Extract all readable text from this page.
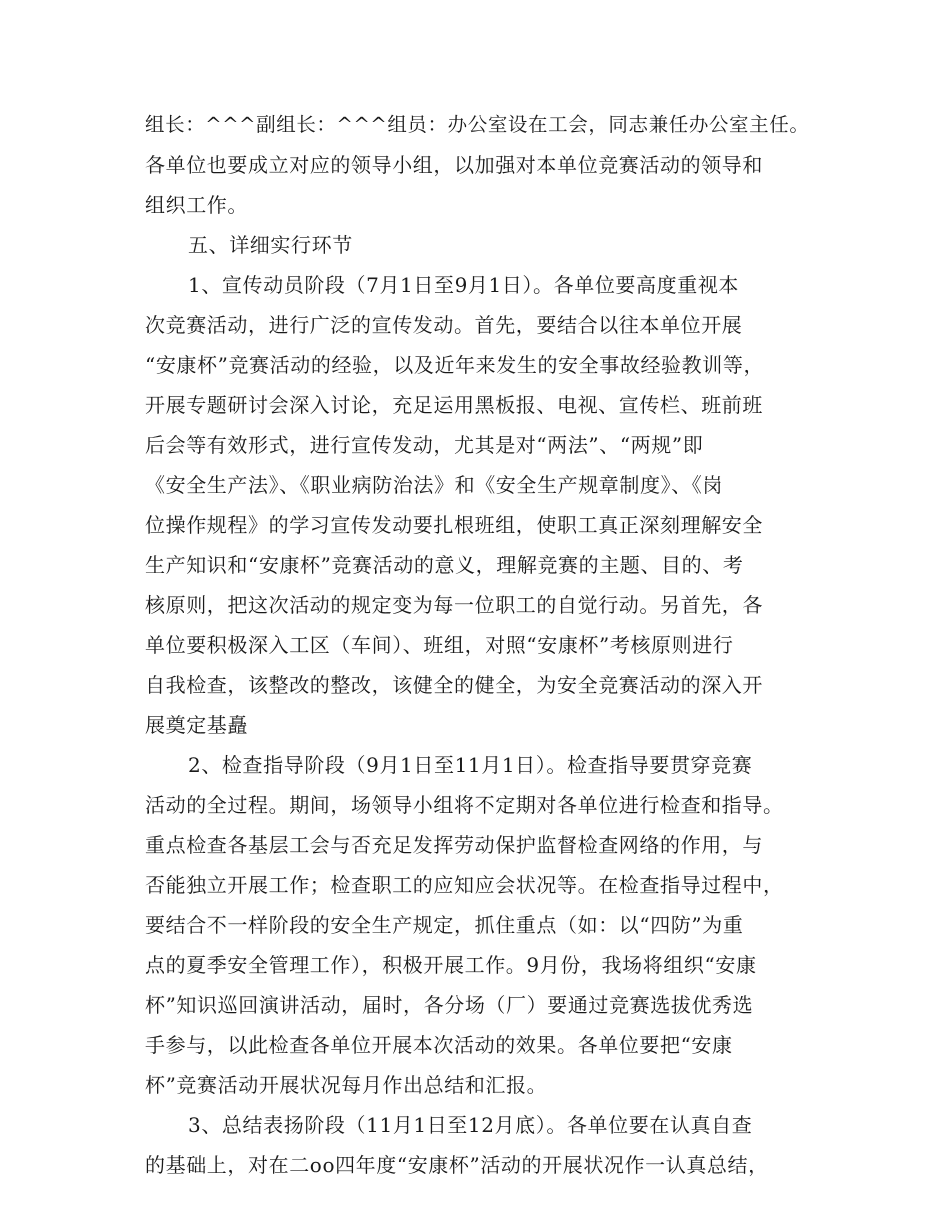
组长：^^^副组长：^^^组员：办公室设在工会，同志兼任办公室主任。
各单位也要成立对应的领导小组，以加强对本单位竞赛活动的领导和
组织工作。
五、详细实行环节
1、宣传动员阶段（7月1日至9月1日）。各单位要高度重视本
次竞赛活动，进行广泛的宣传发动。首先，要结合以往本单位开展
“安康杯”竞赛活动的经验，以及近年来发生的安全事故经验教训等，
开展专题研讨会深入讨论，充足运用黑板报、电视、宣传栏、班前班
后会等有效形式，进行宣传发动，尤其是对“两法”、“两规”即
《安全生产法》、《职业病防治法》和《安全生产规章制度》、《岗
位操作规程》的学习宣传发动要扎根班组，使职工真正深刻理解安全
生产知识和“安康杯”竞赛活动的意义，理解竞赛的主题、目的、考
核原则，把这次活动的规定变为每一位职工的自觉行动。另首先，各
单位要积极深入工区（车间）、班组，对照“安康杯”考核原则进行
自我检查，该整改的整改，该健全的健全，为安全竞赛活动的深入开
展奠定基矗
2、检查指导阶段（9月1日至11月1日）。检查指导要贯穿竞赛
活动的全过程。期间，场领导小组将不定期对各单位进行检查和指导。
重点检查各基层工会与否充足发挥劳动保护监督检查网络的作用，与
否能独立开展工作；检查职工的应知应会状况等。在检查指导过程中，
要结合不一样阶段的安全生产规定，抓住重点（如：以“四防”为重
点的夏季安全管理工作），积极开展工作。9月份，我场将组织“安康
杯”知识巡回演讲活动，届时，各分场（厂）要通过竞赛选拔优秀选
手参与，以此检查各单位开展本次活动的效果。各单位要把“安康
杯”竞赛活动开展状况每月作出总结和汇报。
3、总结表扬阶段（11月1日至12月底）。各单位要在认真自查
的基础上，对在二oo四年度“安康杯”活动的开展状况作一认真总结，
